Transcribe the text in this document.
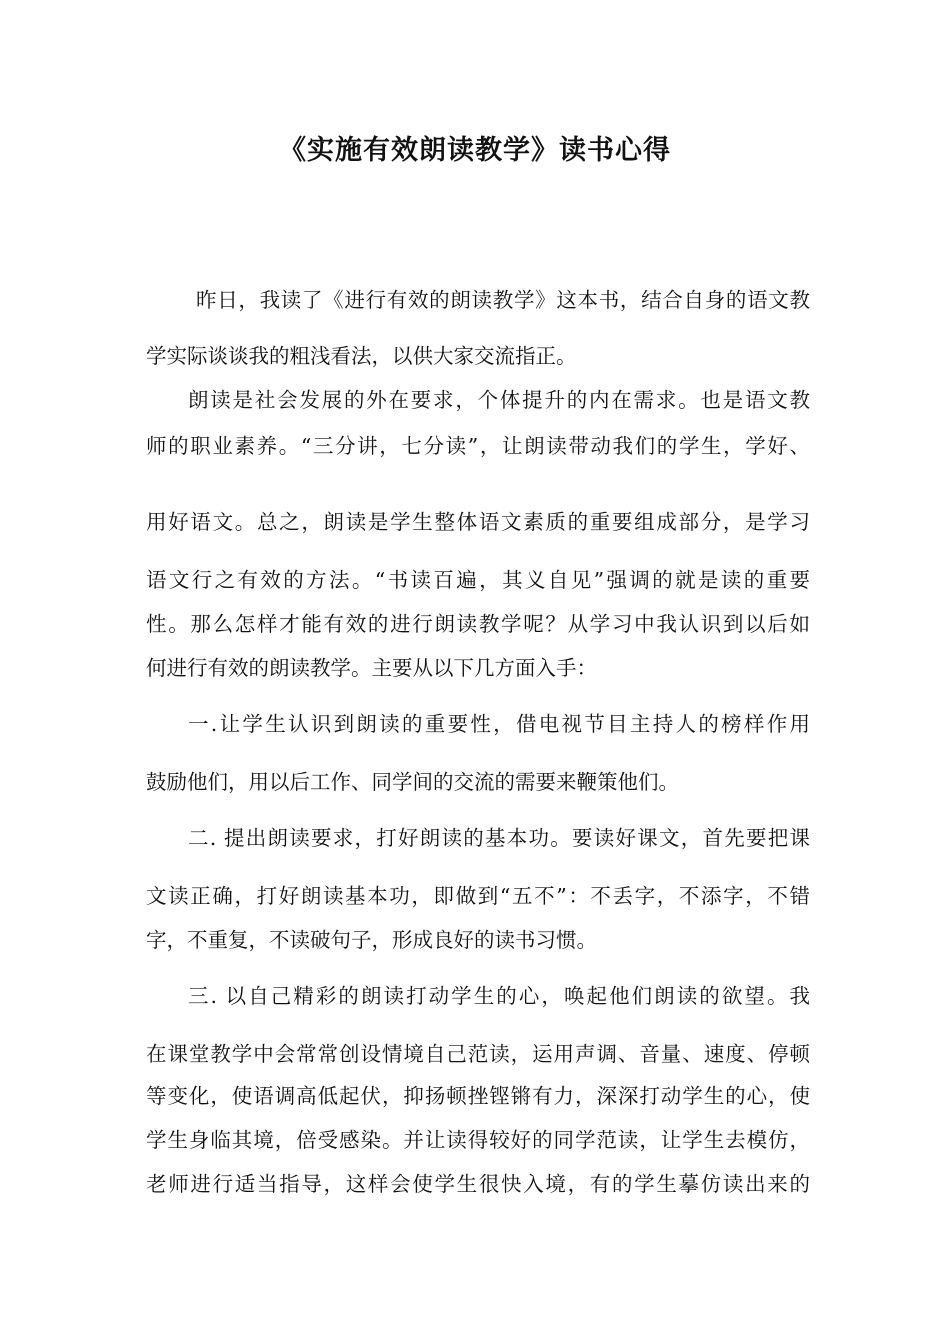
《实施有效朗读教学》读书心得
昨日，我读了《进行有效的朗读教学》这本书，结合自身的语文教
学实际谈谈我的粗浅看法，以供大家交流指正。
朗读是社会发展的外在要求，个体提升的内在需求。也是语文教
师的职业素养。“三分讲，七分读”，让朗读带动我们的学生，学好、
用好语文。总之，朗读是学生整体语文素质的重要组成部分，是学习
语文行之有效的方法。“书读百遍，其义自见”强调的就是读的重要
性。那么怎样才能有效的进行朗读教学呢？从学习中我认识到以后如
何进行有效的朗读教学。主要从以下几方面入手：
一.让学生认识到朗读的重要性，借电视节目主持人的榜样作用
鼓励他们，用以后工作、同学间的交流的需要来鞭策他们。
二. 提出朗读要求，打好朗读的基本功。要读好课文，首先要把课
文读正确，打好朗读基本功，即做到“五不”：不丢字，不添字，不错
字，不重复，不读破句子，形成良好的读书习惯。
三. 以自己精彩的朗读打动学生的心，唤起他们朗读的欲望。我
在课堂教学中会常常创设情境自己范读，运用声调、音量、速度、停顿
等变化，使语调高低起伏，抑扬顿挫铿锵有力，深深打动学生的心，使
学生身临其境，倍受感染。并让读得较好的同学范读，让学生去模仿，
老师进行适当指导，这样会使学生很快入境，有的学生摹仿读出来的
